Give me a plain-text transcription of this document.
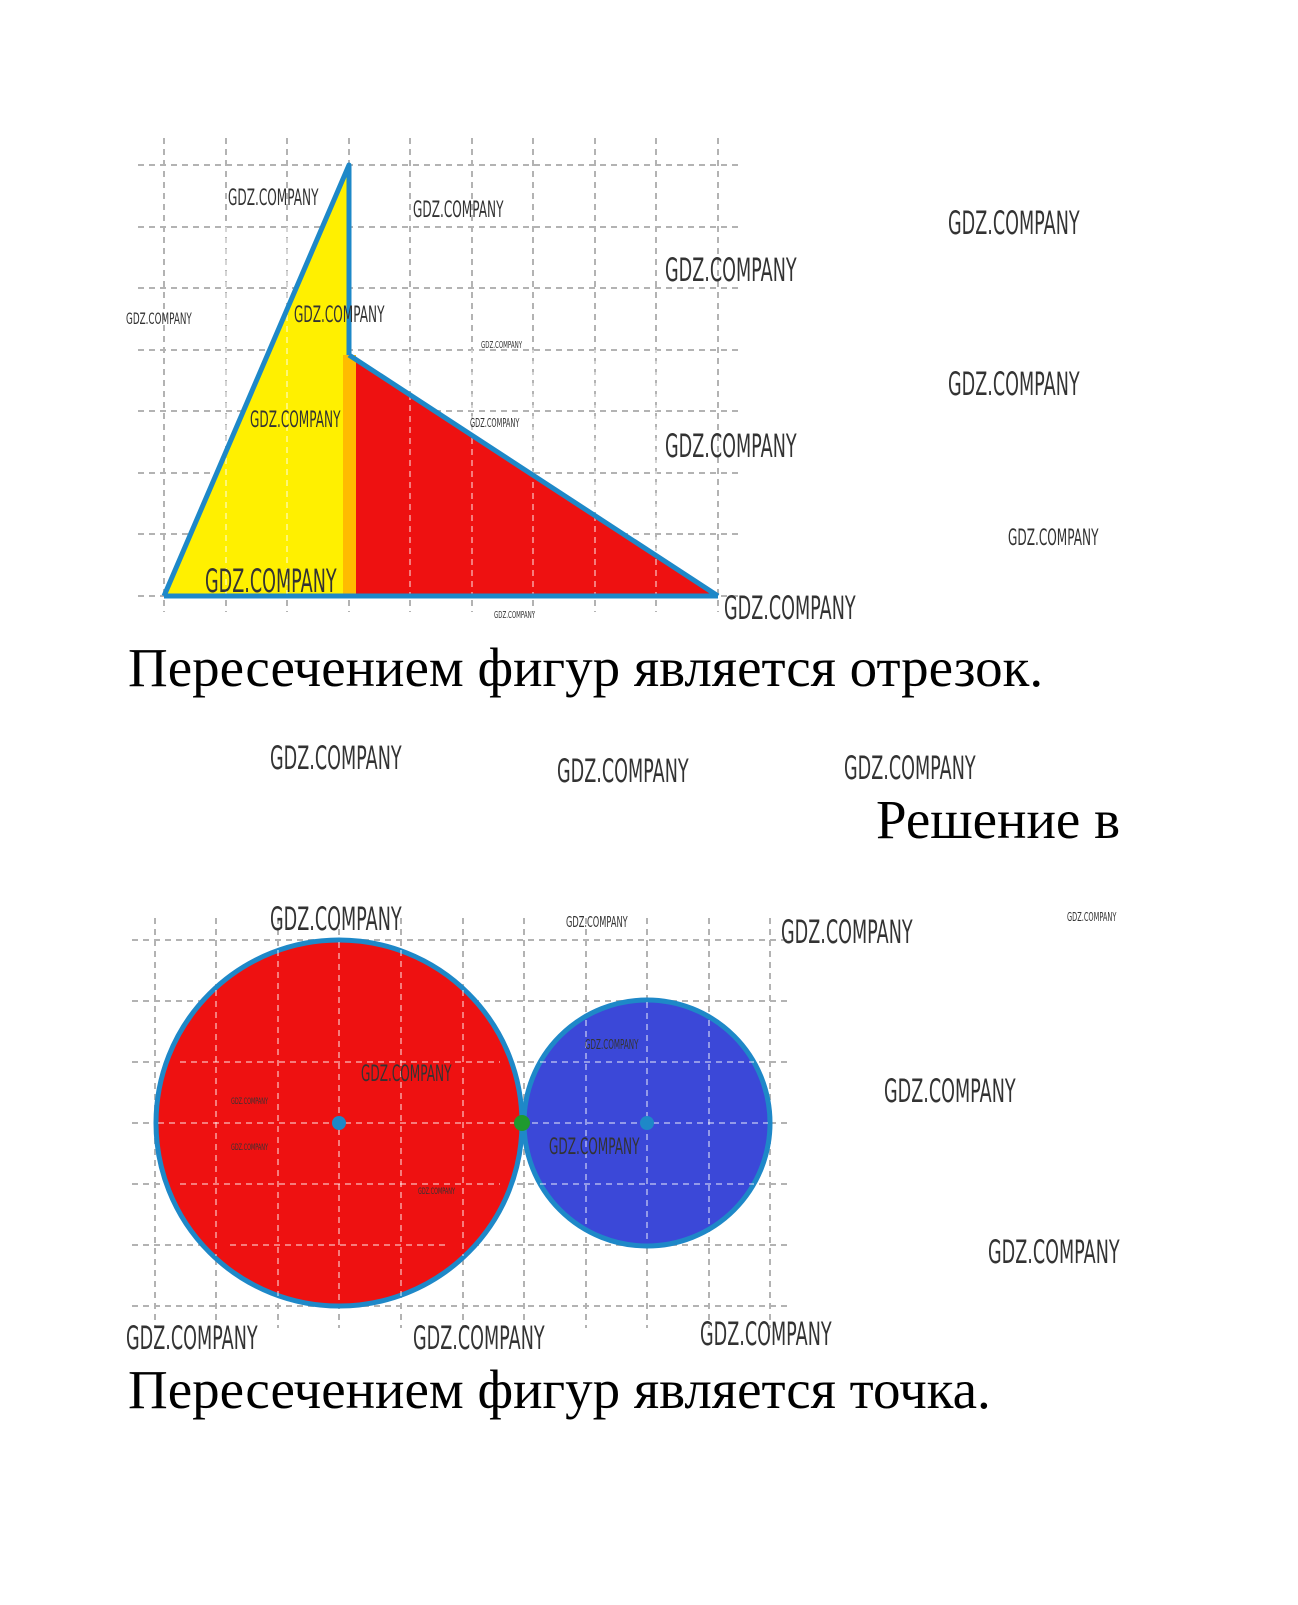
GDZ.COMPANY	GDZ.COMPANY	GDZ.COMPANY
GDZ.COMPANY
GDZ.COMPANY	GDZ.COMPANY
GDZ.COMPANY
GDZ.COMPANY
GDZ.COMPANY	GDZ.COMPANY
GDZ.COMPANY
GDZ.COMPANY
GDZ.COMPANY
GDZ.COMPANY
GDZ.COMPANY
GDZ.COMPANY	GDZ.COMPANY	GDZ.COMPANY
GDZ.COMPANY	GDZ.COMPANY	GDZ.COMPANY	GDZ.COMPANY
GDZ.COMPANY
GDZ.COMPANY	GDZ.COMPANY
GDZ.COMPANY
GDZ.COMPANY	GDZ.COMPANY
GDZ.COMPANY
GDZ.COMPANY
GDZ.COMPANY	GDZ.COMPANY	GDZ.COMPANY

Пересечением фигур является отрезок.

Решение в

Пересечением фигур является точка.
